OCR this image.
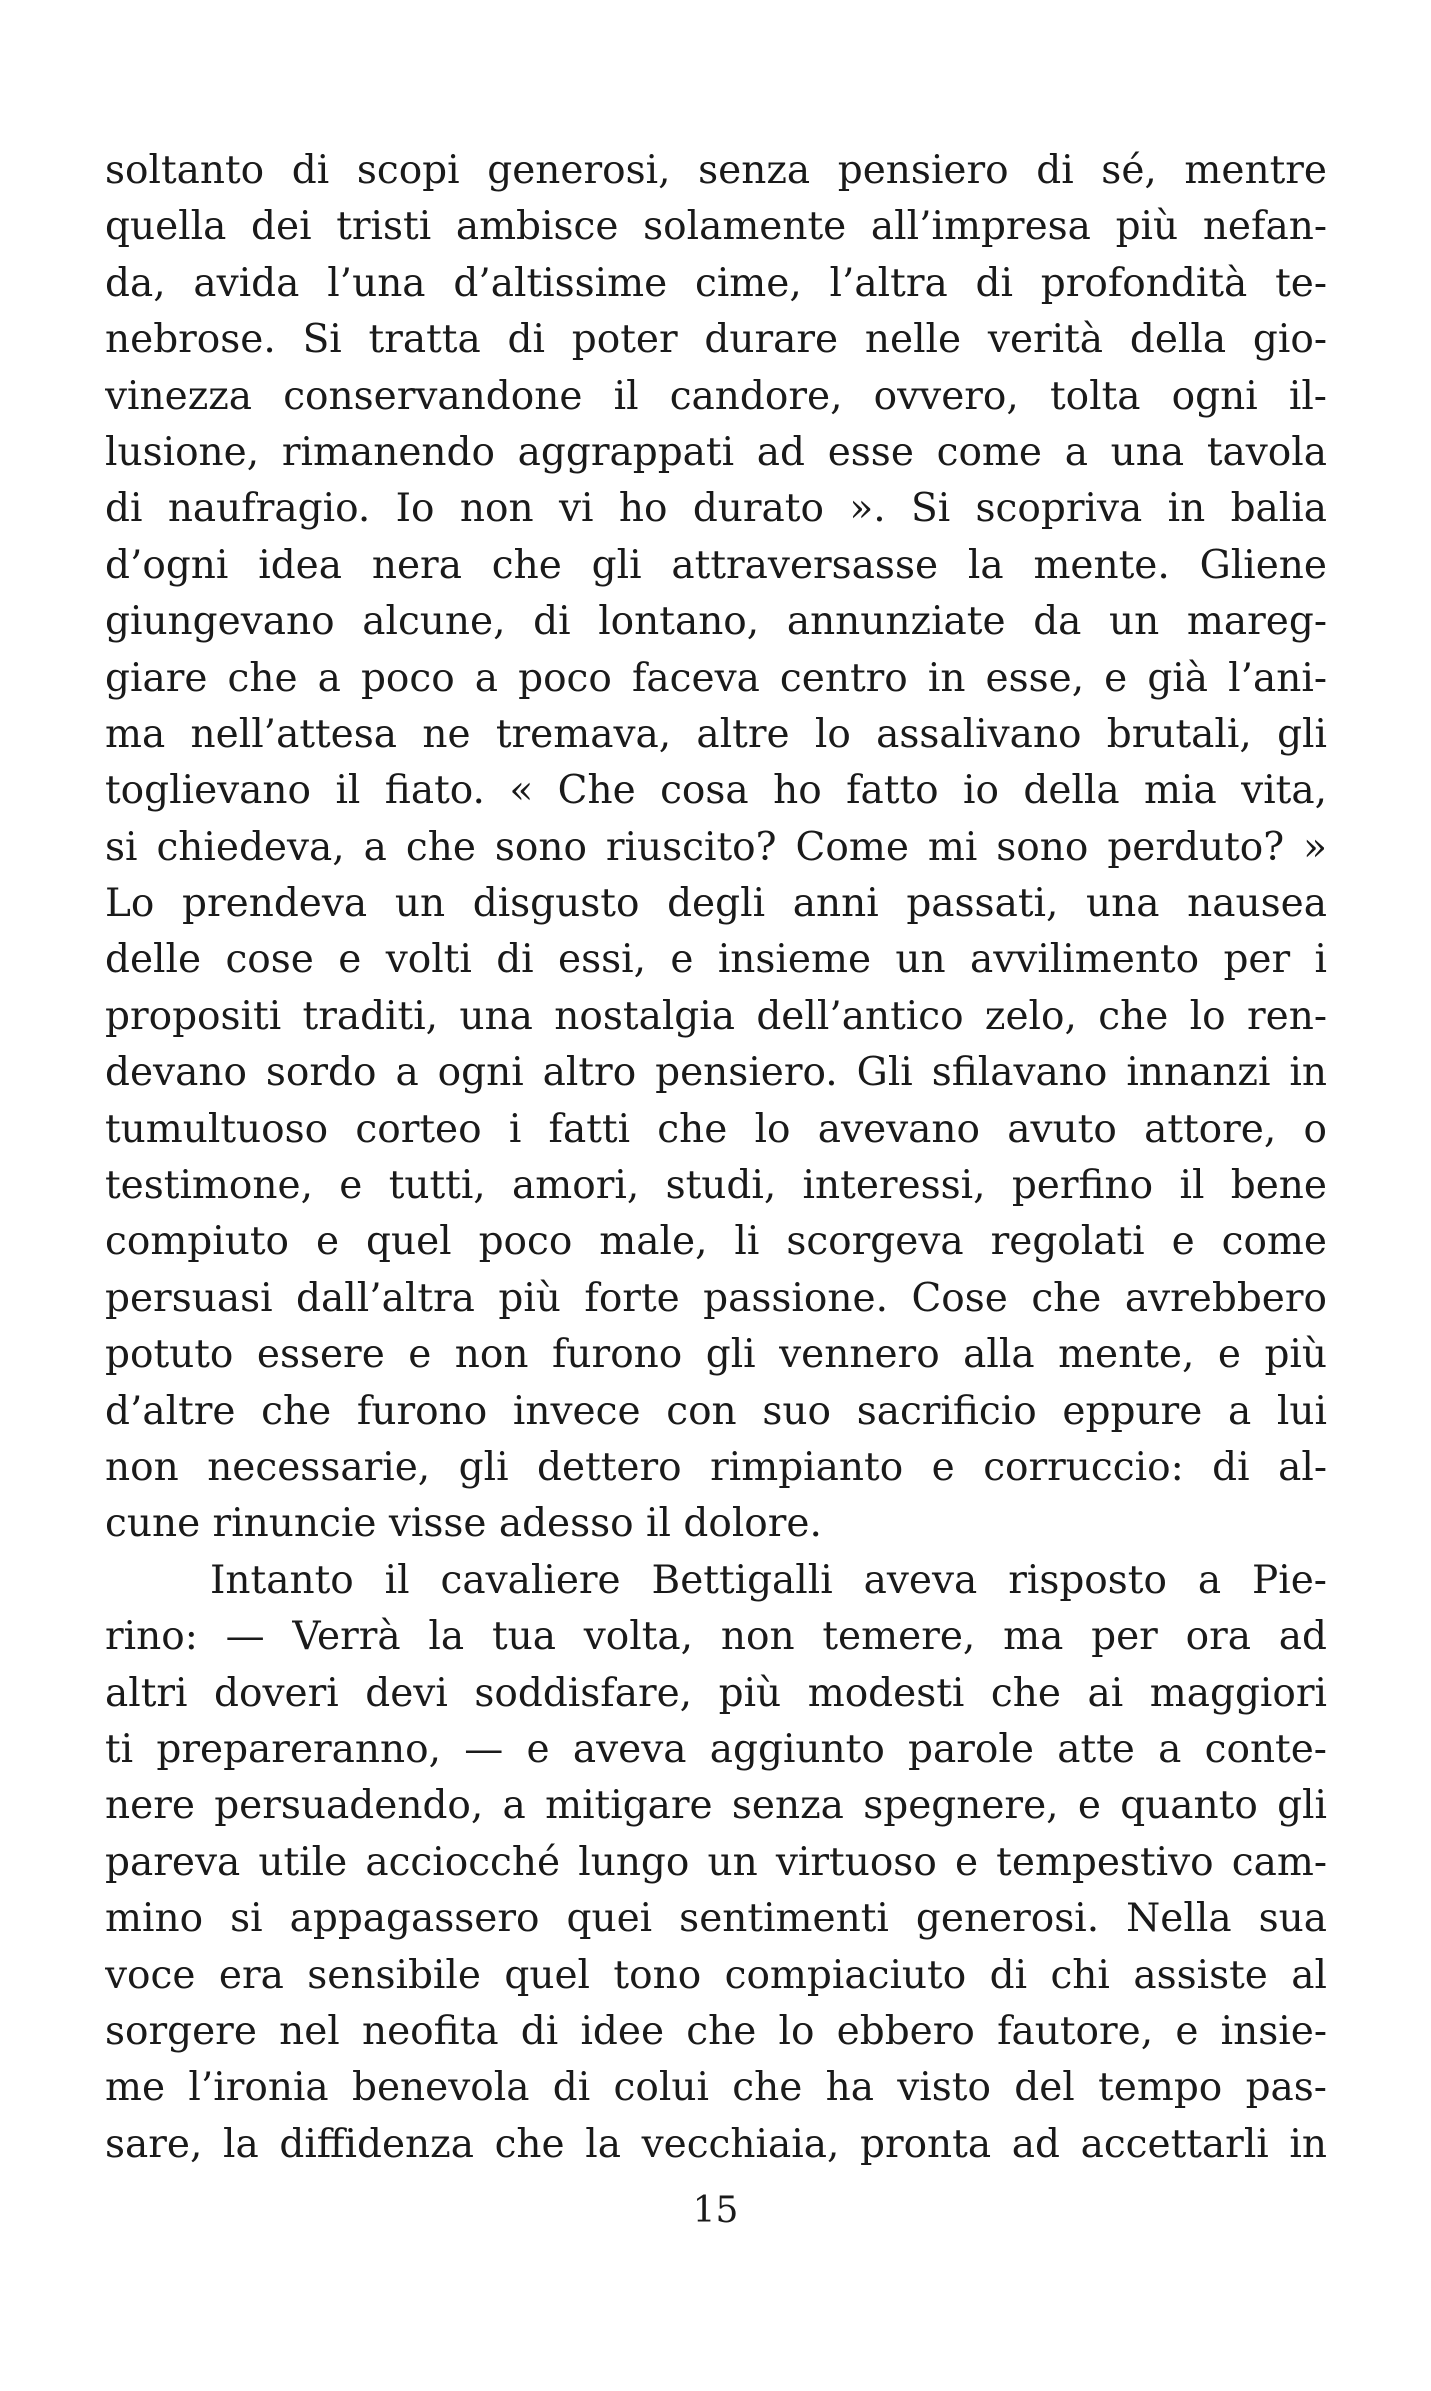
soltanto di scopi generosi, senza pensiero di sé, mentre
quella dei tristi ambisce solamente all’impresa più nefan-
da, avida l’una d’altissime cime, l’altra di profondità te-
nebrose. Si tratta di poter durare nelle verità della gio-
vinezza conservandone il candore, ovvero, tolta ogni il-
lusione, rimanendo aggrappati ad esse come a una tavola
di naufragio. Io non vi ho durato ». Si scopriva in balia
d’ogni idea nera che gli attraversasse la mente. Gliene
giungevano alcune, di lontano, annunziate da un mareg-
giare che a poco a poco faceva centro in esse, e già l’ani-
ma nell’attesa ne tremava, altre lo assalivano brutali, gli
toglievano il fiato. « Che cosa ho fatto io della mia vita,
si chiedeva, a che sono riuscito? Come mi sono perduto? »
Lo prendeva un disgusto degli anni passati, una nausea
delle cose e volti di essi, e insieme un avvilimento per i
propositi traditi, una nostalgia dell’antico zelo, che lo ren-
devano sordo a ogni altro pensiero. Gli sfilavano innanzi in
tumultuoso corteo i fatti che lo avevano avuto attore, o
testimone, e tutti, amori, studi, interessi, perfino il bene
compiuto e quel poco male, li scorgeva regolati e come
persuasi dall’altra più forte passione. Cose che avrebbero
potuto essere e non furono gli vennero alla mente, e più
d’altre che furono invece con suo sacrificio eppure a lui
non necessarie, gli dettero rimpianto e corruccio: di al-
cune rinuncie visse adesso il dolore.
Intanto il cavaliere Bettigalli aveva risposto a Pie-
rino: — Verrà la tua volta, non temere, ma per ora ad
altri doveri devi soddisfare, più modesti che ai maggiori
ti prepareranno, — e aveva aggiunto parole atte a conte-
nere persuadendo, a mitigare senza spegnere, e quanto gli
pareva utile acciocché lungo un virtuoso e tempestivo cam-
mino si appagassero quei sentimenti generosi. Nella sua
voce era sensibile quel tono compiaciuto di chi assiste al
sorgere nel neofita di idee che lo ebbero fautore, e insie-
me l’ironia benevola di colui che ha visto del tempo pas-
sare, la diffidenza che la vecchiaia, pronta ad accettarli in
15
